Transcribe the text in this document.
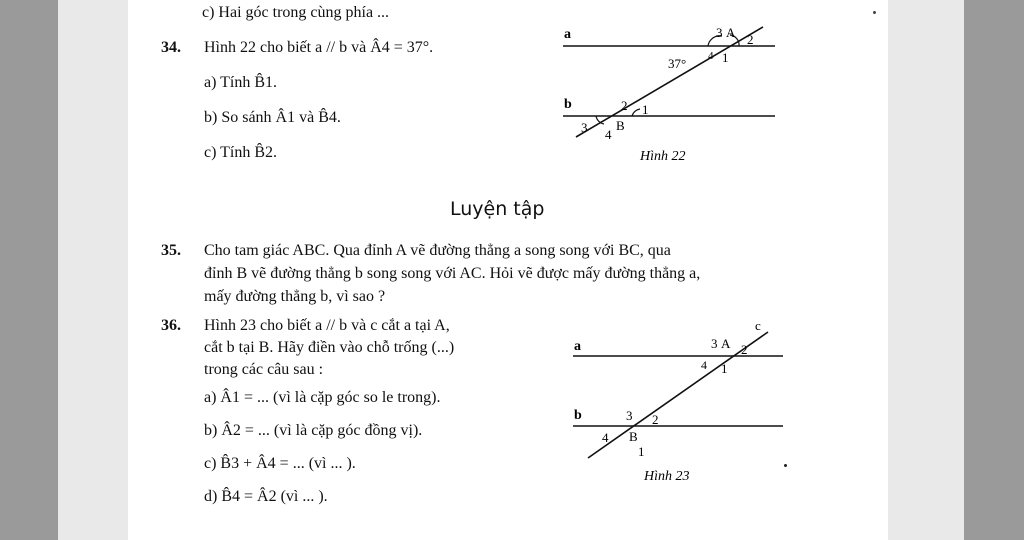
c) Hai góc trong cùng phía ...
34. Hình 22 cho biết a // b và Â4 = 37°.
a) Tính B̂1.
b) So sánh Â1 và B̂4.
c) Tính B̂2.
a
b
3 A 2
4 1
37°
2 1
3 B
4
Hình 22
Luyện tập
35. Cho tam giác ABC. Qua đỉnh A vẽ đường thẳng a song song với BC, qua
đỉnh B vẽ đường thẳng b song song với AC. Hỏi vẽ được mấy đường thẳng a,
mấy đường thẳng b, vì sao ?
36. Hình 23 cho biết a // b và c cắt a tại A,
cắt b tại B. Hãy điền vào chỗ trống (...)
trong các câu sau :
a) Â1 = ... (vì là cặp góc so le trong).
b) Â2 = ... (vì là cặp góc đồng vị).
c) B̂3 + Â4 = ... (vì ... ).
d) B̂4 = Â2 (vì ... ).
a
b
c
3 A 2
4 1
3 2
4 B
1
Hình 23
